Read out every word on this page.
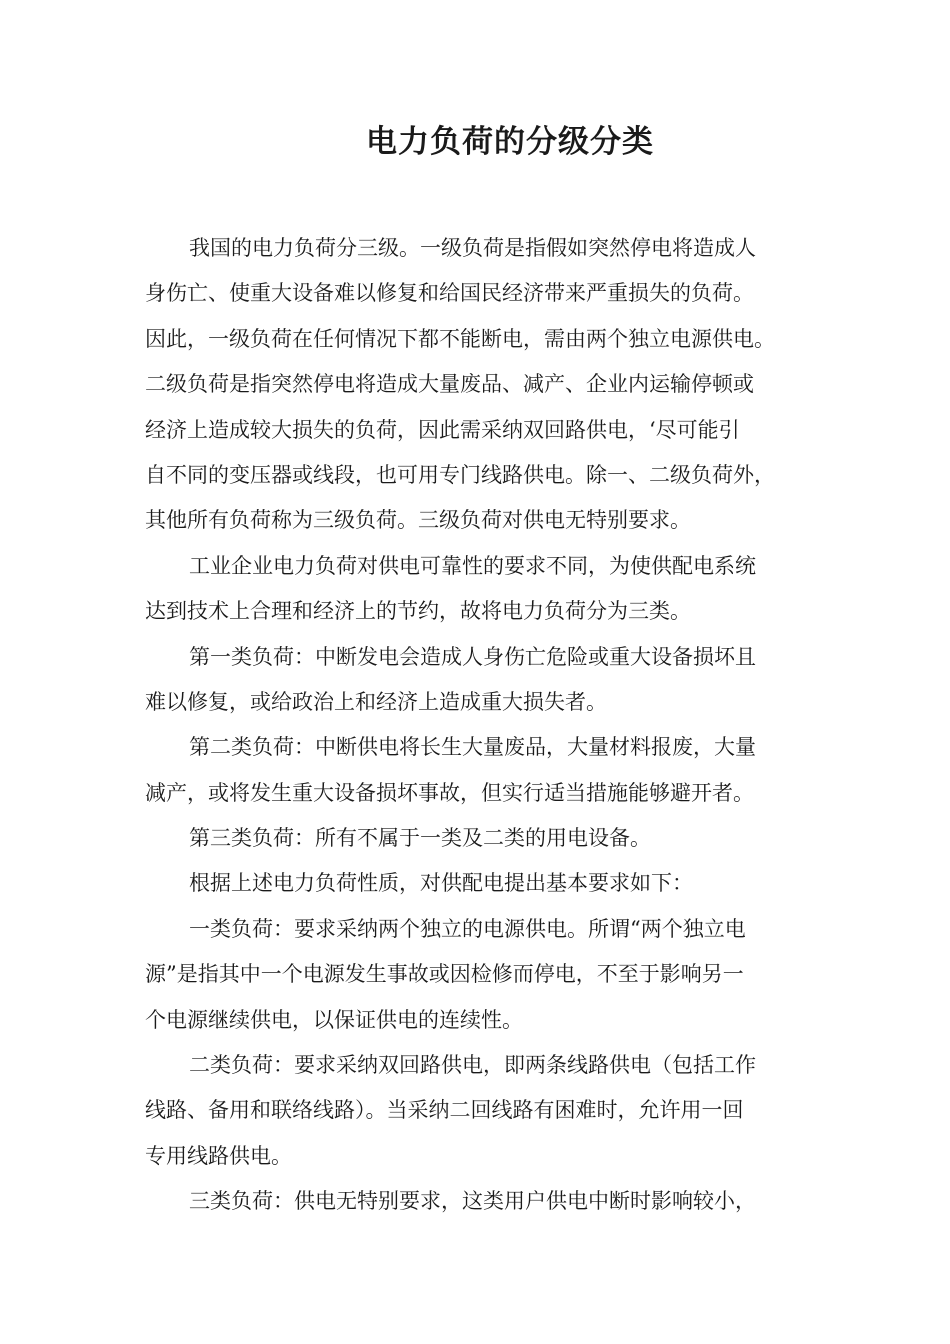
电力负荷的分级分类
我国的电力负荷分三级。一级负荷是指假如突然停电将造成人
身伤亡、使重大设备难以修复和给国民经济带来严重损失的负荷。
因此，一级负荷在任何情况下都不能断电，需由两个独立电源供电。
二级负荷是指突然停电将造成大量废品、减产、企业内运输停顿或
经济上造成较大损失的负荷，因此需采纳双回路供电，‘尽可能引
自不同的变压器或线段，也可用专门线路供电。除一、二级负荷外，
其他所有负荷称为三级负荷。三级负荷对供电无特别要求。
工业企业电力负荷对供电可靠性的要求不同，为使供配电系统
达到技术上合理和经济上的节约，故将电力负荷分为三类。
第一类负荷：中断发电会造成人身伤亡危险或重大设备损坏且
难以修复，或给政治上和经济上造成重大损失者。
第二类负荷：中断供电将长生大量废品，大量材料报废，大量
减产，或将发生重大设备损坏事故，但实行适当措施能够避开者。
第三类负荷：所有不属于一类及二类的用电设备。
根据上述电力负荷性质，对供配电提出基本要求如下：
一类负荷：要求采纳两个独立的电源供电。所谓“两个独立电
源”是指其中一个电源发生事故或因检修而停电，不至于影响另一
个电源继续供电，以保证供电的连续性。
二类负荷：要求采纳双回路供电，即两条线路供电（包括工作
线路、备用和联络线路）。当采纳二回线路有困难时，允许用一回
专用线路供电。
三类负荷：供电无特别要求，这类用户供电中断时影响较小，
